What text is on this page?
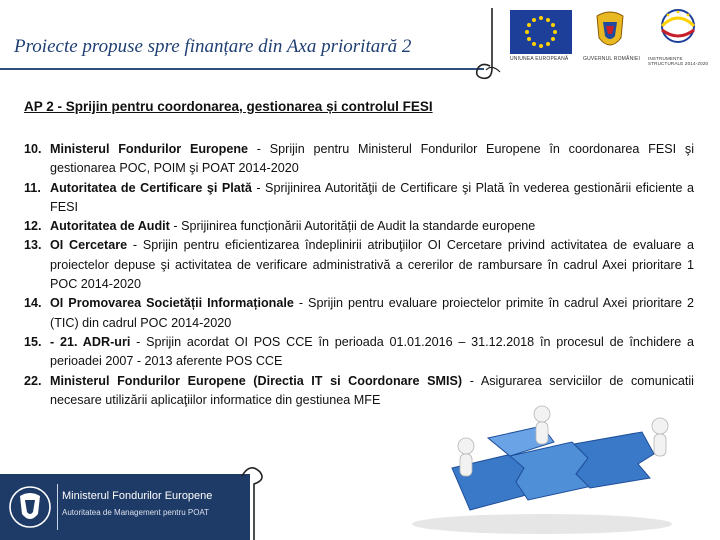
Proiecte propuse spre finanțare din Axa prioritară 2
UNIUNEA EUROPEANĂ	GUVERNUL ROMÂNIEI INSTRUMENTE STRUCTURALE 2014-2020
AP 2 - Sprijin pentru coordonarea, gestionarea și controlul FESI
10. Ministerul Fondurilor Europene - Sprijin pentru Ministerul Fondurilor Europene în coordonarea FESI şi gestionarea POC, POIM şi POAT 2014-2020
11. Autoritatea de Certificare şi Plată - Sprijinirea Autorităţii de Certificare şi Plată în vederea gestionării eficiente a FESI
12. Autoritatea de Audit - Sprijinirea funcționării Autorității de Audit la standarde europene
13. OI Cercetare - Sprijin pentru eficientizarea îndeplinirii atribuţiilor OI Cercetare privind activitatea de evaluare a proiectelor depuse şi activitatea de verificare administrativă a cererilor de rambursare în cadrul Axei prioritare 1 POC 2014-2020
14. OI Promovarea Societății Informaționale - Sprijin pentru evaluare proiectelor primite în cadrul Axei prioritare 2 (TIC) din cadrul POC 2014-2020
15. - 21. ADR-uri - Sprijin acordat OI POS CCE în perioada 01.01.2016 – 31.12.2018 în procesul de închidere a perioadei 2007 - 2013 aferente POS CCE
22. Ministerul Fondurilor Europene (Directia IT si Coordonare SMIS) - Asigurarea serviciilor de comunicatii necesare utilizării aplicaţiilor informatice din gestiunea MFE
Ministerul Fondurilor Europene
Autoritatea de Management pentru POAT
